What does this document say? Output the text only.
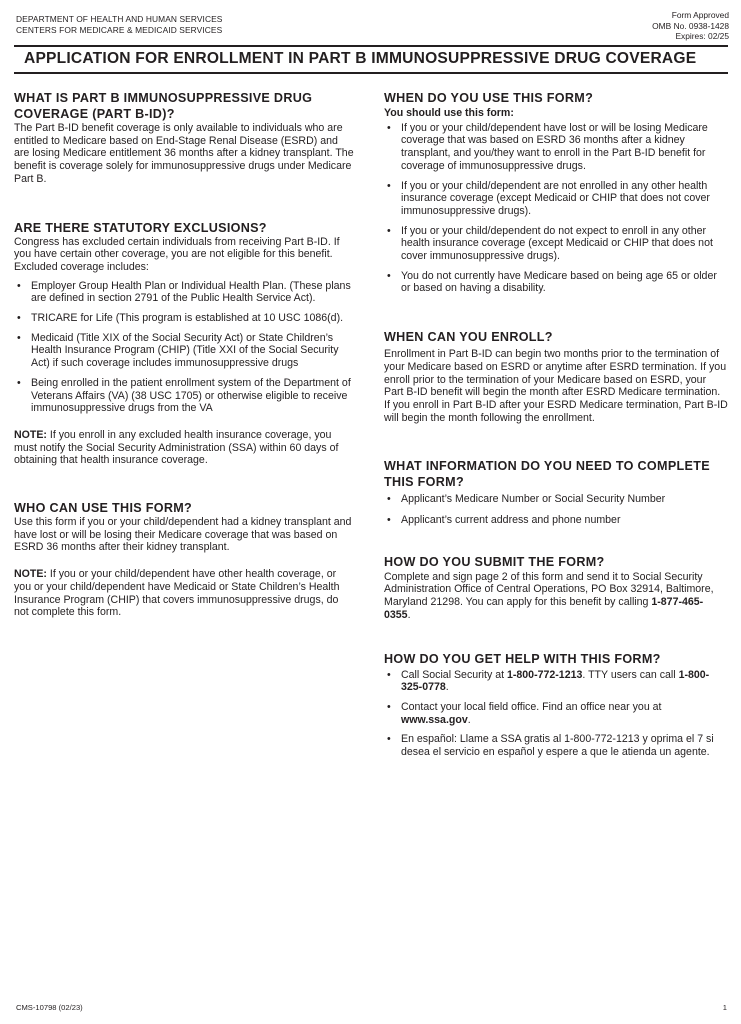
DEPARTMENT OF HEALTH AND HUMAN SERVICES
CENTERS FOR MEDICARE & MEDICAID SERVICES
Form Approved
OMB No. 0938-1428
Expires: 02/25
APPLICATION FOR ENROLLMENT IN PART B IMMUNOSUPPRESSIVE DRUG COVERAGE
WHAT IS PART B IMMUNOSUPPRESSIVE DRUG COVERAGE (PART B-ID)?

The Part B-ID benefit coverage is only available to individuals who are entitled to Medicare based on End-Stage Renal Disease (ESRD) and are losing Medicare entitlement 36 months after a kidney transplant. The benefit is coverage solely for immunosuppressive drugs under Medicare Part B.

ARE THERE STATUTORY EXCLUSIONS?

Congress has excluded certain individuals from receiving Part B-ID. If you have certain other coverage, you are not eligible for this benefit. Excluded coverage includes:

• Employer Group Health Plan or Individual Health Plan. (These plans are defined in section 2791 of the Public Health Service Act).
• TRICARE for Life (This program is established at 10 USC 1086(d).
• Medicaid (Title XIX of the Social Security Act) or State Children’s Health Insurance Program (CHIP) (Title XXI of the Social Security Act) if such coverage includes immunosuppressive drugs
• Being enrolled in the patient enrollment system of the Department of Veterans Affairs (VA) (38 USC 1705) or otherwise eligible to receive immunosuppressive drugs from the VA

NOTE: If you enroll in any excluded health insurance coverage, you must notify the Social Security Administration (SSA) within 60 days of obtaining that health insurance coverage.

WHO CAN USE THIS FORM?

Use this form if you or your child/dependent had a kidney transplant and have lost or will be losing their Medicare coverage that was based on ESRD 36 months after their kidney transplant.

NOTE: If you or your child/dependent have other health coverage, or you or your child/dependent have Medicaid or State Children’s Health Insurance Program (CHIP) that covers immunosuppressive drugs, do not complete this form.

WHEN DO YOU USE THIS FORM?

You should use this form:

• If you or your child/dependent have lost or will be losing Medicare coverage that was based on ESRD 36 months after a kidney transplant, and you/they want to enroll in the Part B-ID benefit for coverage of immunosuppressive drugs.
• If you or your child/dependent are not enrolled in any other health insurance coverage (except Medicaid or CHIP that does not cover immunosuppressive drugs).
• If you or your child/dependent do not expect to enroll in any other health insurance coverage (except Medicaid or CHIP that does not cover immunosuppressive drugs).
• You do not currently have Medicare based on being age 65 or older or based on having a disability.
WHEN CAN YOU ENROLL?

Enrollment in Part B-ID can begin two months prior to the termination of your Medicare based on ESRD or anytime after ESRD termination. If you enroll prior to the termination of your Medicare based on ESRD, your Part B-ID benefit will begin the month after ESRD Medicare termination. If you enroll in Part B-ID after your ESRD Medicare termination, Part B-ID will begin the month following the enrollment.

WHAT INFORMATION DO YOU NEED TO COMPLETE THIS FORM?
• Applicant’s Medicare Number or Social Security Number
• Applicant’s current address and phone number
HOW DO YOU SUBMIT THE FORM?

Complete and sign page 2 of this form and send it to Social Security Administration Office of Central Operations, PO Box 32914, Baltimore, Maryland 21298. You can apply for this benefit by calling 1-877-465-0355.

HOW DO YOU GET HELP WITH THIS FORM?
• Call Social Security at 1-800-772-1213. TTY users can call 1-800-325-0778.
• Contact your local field office. Find an office near you at www.ssa.gov.
• En español: Llame a SSA gratis al 1-800-772-1213 y oprima el 7 si desea el servicio en español y espere a que le atienda un agente.
CMS-10798 (02/23)	1
